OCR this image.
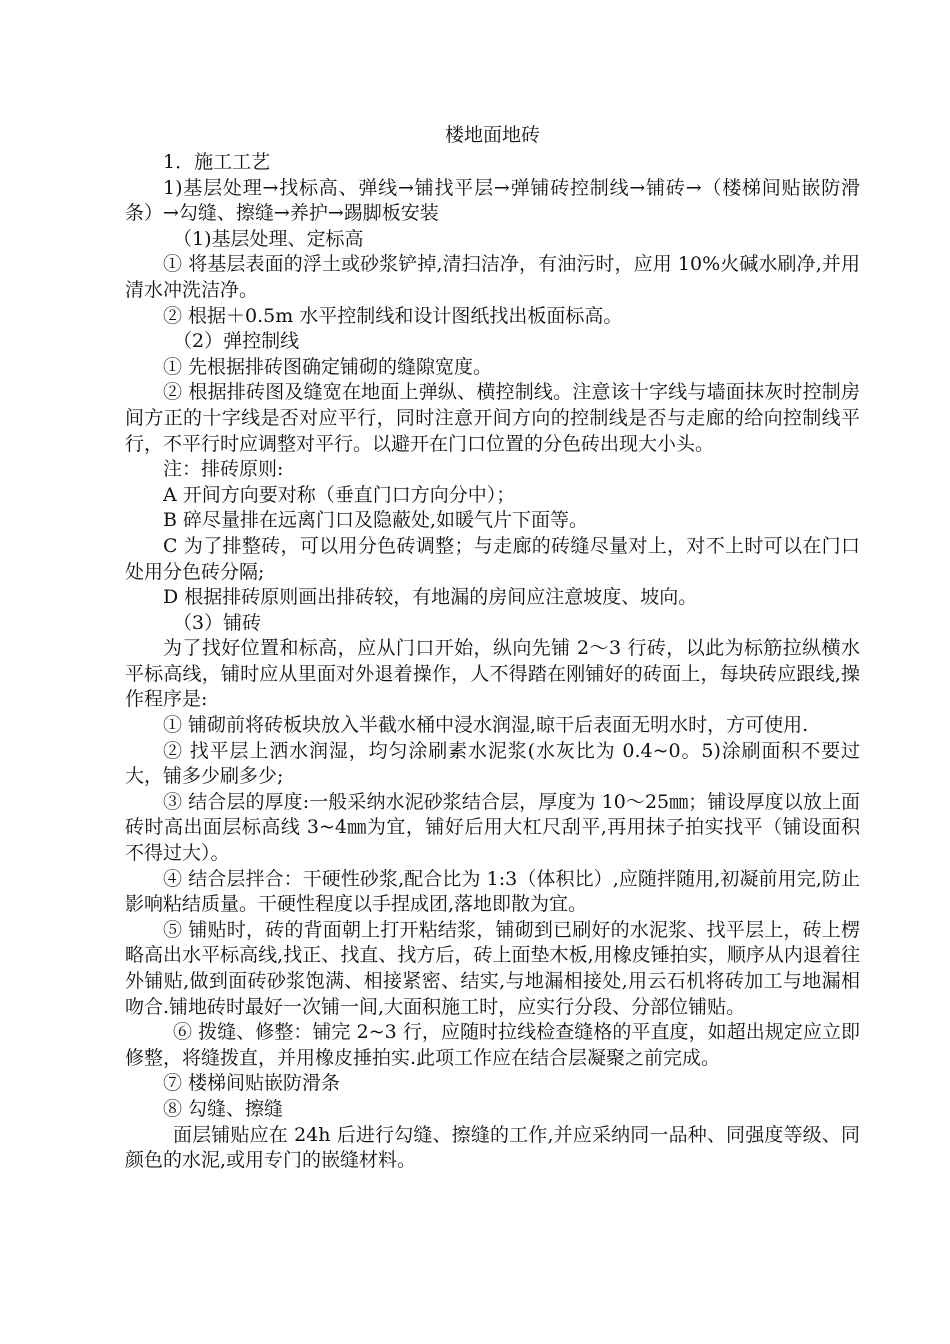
楼地面地砖

1．施工工艺

1)基层处理→找标高、弹线→铺找平层→弹铺砖控制线→铺砖→（楼梯间贴嵌防滑条）→勾缝、擦缝→养护→踢脚板安装

（1)基层处理、定标高

① 将基层表面的浮土或砂浆铲掉,清扫洁净，有油污时，应用 10%火碱水刷净,并用清水冲洗洁净。

② 根据＋0.5m 水平控制线和设计图纸找出板面标高。

（2）弹控制线

① 先根据排砖图确定铺砌的缝隙宽度。

② 根据排砖图及缝宽在地面上弹纵、横控制线。注意该十字线与墙面抹灰时控制房间方正的十字线是否对应平行，同时注意开间方向的控制线是否与走廊的给向控制线平行，不平行时应调整对平行。以避开在门口位置的分色砖出现大小头。

注：排砖原则:

A 开间方向要对称（垂直门口方向分中）；

B 碎尽量排在远离门口及隐蔽处,如暖气片下面等。

C 为了排整砖，可以用分色砖调整；与走廊的砖缝尽量对上，对不上时可以在门口处用分色砖分隔;

D 根据排砖原则画出排砖较，有地漏的房间应注意坡度、坡向。

（3）铺砖

为了找好位置和标高，应从门口开始，纵向先铺 2～3 行砖，以此为标筋拉纵横水平标高线，铺时应从里面对外退着操作，人不得踏在刚铺好的砖面上，每块砖应跟线,操作程序是:

① 铺砌前将砖板块放入半截水桶中浸水润湿,晾干后表面无明水时，方可使用.

② 找平层上洒水润湿，均匀涂刷素水泥浆(水灰比为 0.4~0。5)涂刷面积不要过大，铺多少刷多少;

③ 结合层的厚度:一般采纳水泥砂浆结合层，厚度为 10～25㎜；铺设厚度以放上面砖时高出面层标高线 3~4㎜为宜，铺好后用大杠尺刮平,再用抹子拍实找平（铺设面积不得过大）。

④ 结合层拌合：干硬性砂浆,配合比为 1:3（体积比）,应随拌随用,初凝前用完,防止影响粘结质量。干硬性程度以手捏成团,落地即散为宜。

⑤ 铺贴时，砖的背面朝上打开粘结浆，铺砌到已刷好的水泥浆、找平层上，砖上楞略高出水平标高线,找正、找直、找方后，砖上面垫木板,用橡皮锤拍实，顺序从内退着往外铺贴,做到面砖砂浆饱满、相接紧密、结实,与地漏相接处,用云石机将砖加工与地漏相吻合.铺地砖时最好一次铺一间,大面积施工时，应实行分段、分部位铺贴。

⑥ 拨缝、修整：铺完 2~3 行，应随时拉线检查缝格的平直度，如超出规定应立即修整，将缝拨直，并用橡皮捶拍实.此项工作应在结合层凝聚之前完成。

⑦ 楼梯间贴嵌防滑条

⑧ 勾缝、擦缝

面层铺贴应在 24h 后进行勾缝、擦缝的工作,并应采纳同一品种、同强度等级、同颜色的水泥,或用专门的嵌缝材料。
